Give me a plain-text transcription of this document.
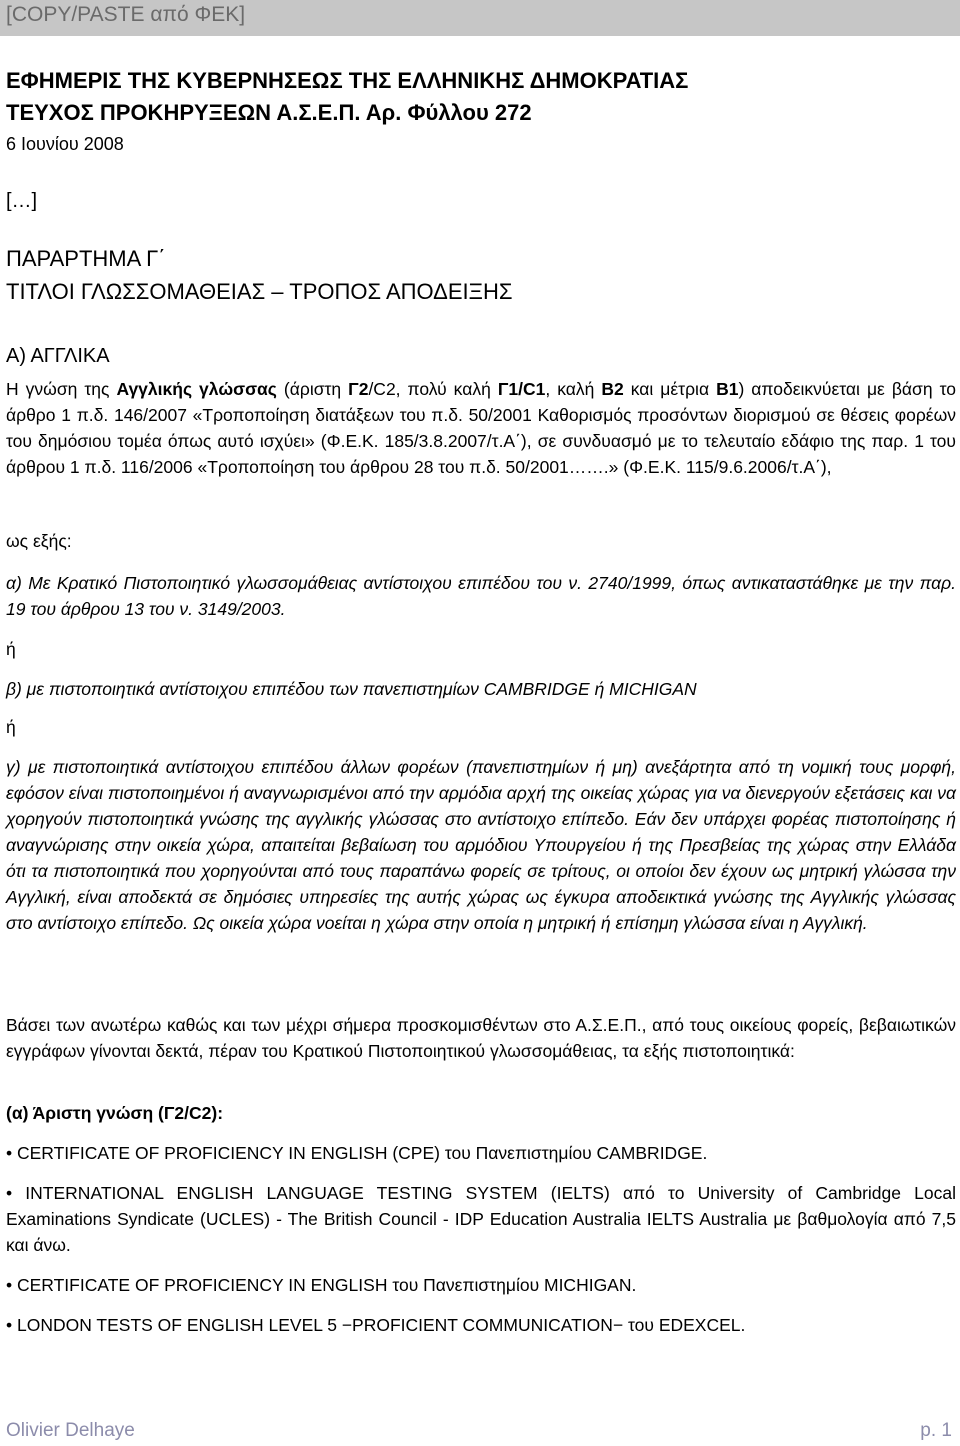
[COPY/PASTE από ΦΕΚ]

ΕΦΗΜΕΡΙΣ ΤΗΣ ΚΥΒΕΡΝΗΣΕΩΣ ΤΗΣ ΕΛΛΗΝΙΚΗΣ ΔΗΜΟΚΡΑΤΙΑΣ

ΤΕΥΧΟΣ ΠΡΟΚΗΡΥΞΕΩΝ Α.Σ.Ε.Π. Αρ. Φύλλου 272

6 Ιουνίου 2008

[…]

ΠΑΡΑΡΤΗΜΑ Γ΄

ΤΙΤΛΟΙ ΓΛΩΣΣΟΜΑΘΕΙΑΣ – ΤΡΟΠΟΣ ΑΠΟΔΕΙΞΗΣ

Α) ΑΓΓΛΙΚΑ

Η γνώση της Αγγλικής γλώσσας (άριστη Γ2/C2, πολύ καλή Γ1/C1, καλή Β2 και μέτρια Β1) αποδεικνύεται με βάση το άρθρο 1 π.δ. 146/2007 «Τροποποίηση διατάξεων του π.δ. 50/2001 Καθορισμός προσόντων διορισμού σε θέσεις φορέων του δημόσιου τομέα όπως αυτό ισχύει» (Φ.Ε.Κ. 185/3.8.2007/τ.Α΄), σε συνδυασμό με το τελευταίο εδάφιο της παρ. 1 του άρθρου 1 π.δ. 116/2006 «Τροποποίηση του άρθρου 28 του π.δ. 50/2001…….» (Φ.Ε.Κ. 115/9.6.2006/τ.Α΄),

ως εξής:

α) Με Κρατικό Πιστοποιητικό γλωσσομάθειας αντίστοιχου επιπέδου του ν. 2740/1999, όπως αντικαταστάθηκε με την παρ. 19 του άρθρου 13 του ν. 3149/2003.

ή

β) με πιστοποιητικά αντίστοιχου επιπέδου των πανεπιστημίων CAMBRIDGE ή MICHIGAN

ή

γ) με πιστοποιητικά αντίστοιχου επιπέδου άλλων φορέων (πανεπιστημίων ή μη) ανεξάρτητα από τη νομική τους μορφή, εφόσον είναι πιστοποιημένοι ή αναγνωρισμένοι από την αρμόδια αρχή της οικείας χώρας για να διενεργούν εξετάσεις και να χορηγούν πιστοποιητικά γνώσης της αγγλικής γλώσσας στο αντίστοιχο επίπεδο. Εάν δεν υπάρχει φορέας πιστοποίησης ή αναγνώρισης στην οικεία χώρα, απαιτείται βεβαίωση του αρμόδιου Υπουργείου ή της Πρεσβείας της χώρας στην Ελλάδα ότι τα πιστοποιητικά που χορηγούνται από τους παραπάνω φορείς σε τρίτους, οι οποίοι δεν έχουν ως μητρική γλώσσα την Αγγλική, είναι αποδεκτά σε δημόσιες υπηρεσίες της αυτής χώρας ως έγκυρα αποδεικτικά γνώσης της Αγγλικής γλώσσας στο αντίστοιχο επίπεδο. Ως οικεία χώρα νοείται η χώρα στην οποία η μητρική ή επίσημη γλώσσα είναι η Αγγλική.

Βάσει των ανωτέρω καθώς και των μέχρι σήμερα προσκομισθέντων στο Α.Σ.Ε.Π., από τους οικείους φορείς, βεβαιωτικών εγγράφων γίνονται δεκτά, πέραν του Κρατικού Πιστοποιητικού γλωσσομάθειας, τα εξής πιστοποιητικά:

(α) Άριστη γνώση (Γ2/C2):

• CERTIFICATE OF PROFICIENCY IN ENGLISH (CPE) του Πανεπιστημίου CAMBRIDGE.

• INTERNATIONAL ENGLISH LANGUAGE TESTING SYSTEM (IELTS) από το University of Cambridge Local Examinations Syndicate (UCLES) - The British Council - IDP Education Australia IELTS Australia με βαθμολογία από 7,5 και άνω.

• CERTIFICATE OF PROFICIENCY IN ENGLISH του Πανεπιστημίου MICHIGAN.

• LONDON TESTS OF ENGLISH LEVEL 5 −PROFICIENT COMMUNICATION− του EDEXCEL.

Olivier Delhaye	p. 1
